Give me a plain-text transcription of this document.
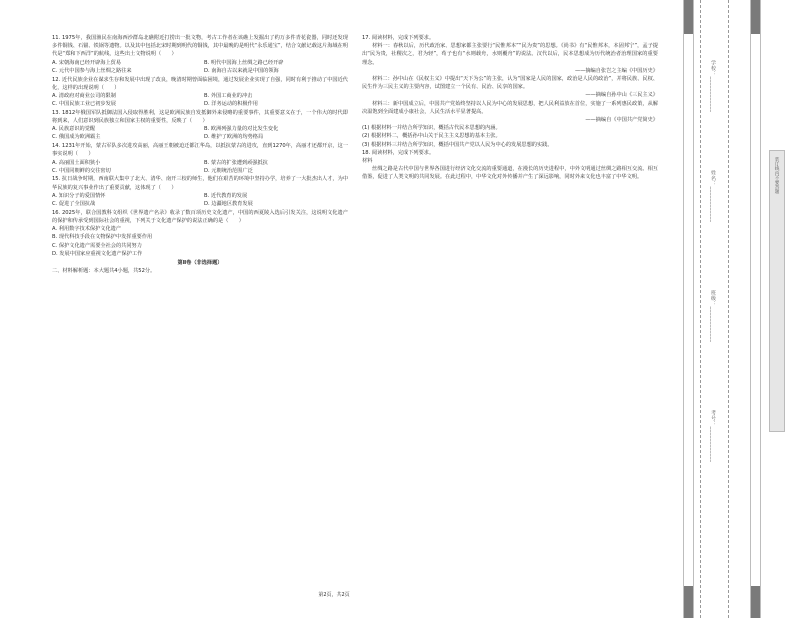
11. 1975年，我国渔民在南海西沙群岛北礁附近打捞出一批文物，考古工作者在该礁上发掘出了约万多件青花瓷器，同时还发现多件铜钱、石锚、铁锅等遗物。以及其中包括北宋时期到明代的铜钱，其中最晚的是明代“永乐通宝”，结合文献记载这片海域在明代是“郑和下西洋”的航线，这些出土文物说明（　　）
A. 宋朝海南已经开辟海上贸易	B. 明代中国海上丝绸之路已经开辟
C. 元代中国参与海上丝绸之路往来	D. 南海自古以来就是中国的领海
12. 近代民族企业在谋求生存和发展中出现了改良，晚清时期曾面临困境，通过发展企业实现了自强，同时有利于推动了中国近代化，这样的出现说明（　　）
A. 清政府对商业公司的限制	B. 外国工商业的冲击
C. 中国民族工业已初步发展	D. 洋务运动的积极作用
13. 1812年俄国军队抵御法国入侵取得胜利，这是欧洲民族自发抵御外来侵略的重要事件，其重要意义在于，一个伟大的时代即将到来，人们意识到民族独立和国家主权的重要性，反映了（　　）
A. 民族意识的觉醒	B. 欧洲列强力量的对比发生变化
C. 俄国成为欧洲霸主	D. 维护了欧洲的均势格局
14. 1231年开始，蒙古军队多次进攻高丽，高丽王朝被迫迁都江华岛，以抵抗蒙古的进攻，直到1270年，高丽才还都开京，这一事实说明（　　）
A. 高丽国土面积狭小	B. 蒙古的扩张遭到顽强抵抗
C. 中国同朝鲜的交往密切	D. 元朝统治范围广泛
15. 抗日战争时期，西南联大集中了北大、清华、南开三校的师生，他们在艰苦的环境中坚持办学，培养了一大批杰出人才，为中华民族的复兴事业作出了重要贡献，这体现了（　　）
A. 知识分子的爱国情怀	B. 近代教育的发展
C. 促进了全国抗战	D. 边疆地区教育发展
16. 2025年，联合国教科文组织《世界遗产名录》收录了数百项历史文化遗产，中国的西夏陵入选后引发关注，这说明文化遗产的保护和传承受到国际社会的重视，下列关于文化遗产保护的说法正确的是（　　）
A. 利用数字技术保护文化遗产
B. 现代科技手段在文物保护中发挥重要作用
C. 保护文化遗产需要全社会的共同努力
D. 发展中国家应重视文化遗产保护工作
第Ⅱ卷（非选择题）
二、材料解析题：本大题共4小题，共52分。
17. 阅读材料，完成下列要求。

材料一：春秋以后，历代政治家、思想家都主张要行“民惟邦本”“民为贵”的思想。《尚书》有“民惟邦本，本固邦宁”，孟子提出“民为贵，社稷次之，君为轻”，荀子也有“水则载舟，水则覆舟”的说法。汉代以后，民本思想成为历代统治者治理国家的重要理念。

——摘编自张岂之主编《中国历史》

材料二：孙中山在《民权主义》中提出“天下为公”的主张，认为“国家是人民的国家，政治是人民的政治”，并将民族、民权、民生作为三民主义的主要内容，试图建立一个民有、民治、民享的国家。

——摘编自孙中山《三民主义》

材料三：新中国成立后，中国共产党始终坚持以人民为中心的发展思想，把人民利益放在首位，实施了一系列惠民政策，从解决温饱到全面建成小康社会，人民生活水平显著提高。

——摘编自《中国共产党简史》
(1) 根据材料一并结合所学知识，概括古代民本思想的内涵。
(2) 根据材料二，概括孙中山关于民主主义思想的基本主张。
(3) 根据材料三并结合所学知识，概括中国共产党以人民为中心的发展思想的实践。
18. 阅读材料，完成下列要求。
材料

丝绸之路是古代中国与世界各国进行经济文化交流的重要通道，在漫长的历史进程中，中外文明通过丝绸之路相互交流、相互借鉴，促进了人类文明的共同发展。在此过程中，中华文化对外传播并产生了深远影响，同时外来文化也丰富了中华文明。

第2页，共2页
学校：____________
姓名：____________
班级：____________
考号：____________
装订线内不要答题
